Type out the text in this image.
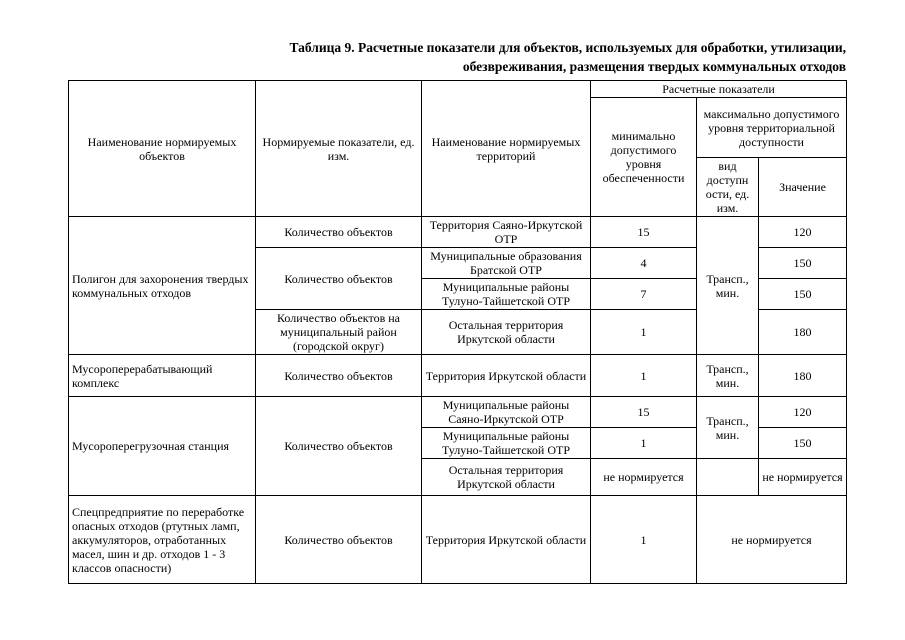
Таблица 9. Расчетные показатели для объектов, используемых для обработки, утилизации,
обезвреживания, размещения твердых коммунальных отходов
Наименование нормируемых объектов	Нормируемые показатели, ед. изм.	Наименование нормируемых территорий	Расчетные показатели		
			минимально допустимого уровня обеспеченности	максимально допустимого уровня территориальной доступности	
				вид доступн ости, ед. изм.	Значение
Полигон для захоронения твердых коммунальных отходов	Количество объектов	Территория Саяно-Иркутской ОТР	15	Трансп., мин.	120
	Количество объектов	Муниципальные образования Братской ОТР	4		150
		Муниципальные районы Тулуно-Тайшетской ОТР	7		150
	Количество объектов на муниципальный район (городской округ)	Остальная территория Иркутской области	1		180
Мусороперерабатывающий комплекс	Количество объектов	Территория Иркутской области	1	Трансп., мин.	180
Мусороперегрузочная станция	Количество объектов	Муниципальные районы Саяно-Иркутской ОТР	15	Трансп., мин.	120
		Муниципальные районы Тулуно-Тайшетской ОТР	1		150
		Остальная территория Иркутской области	не нормируется		не нормируется
Спецпредприятие по переработке опасных отходов (ртутных ламп, аккумуляторов, отработанных масел, шин и др. отходов 1 - 3 классов опасности)	Количество объектов	Территория Иркутской области	1	не нормируется	
